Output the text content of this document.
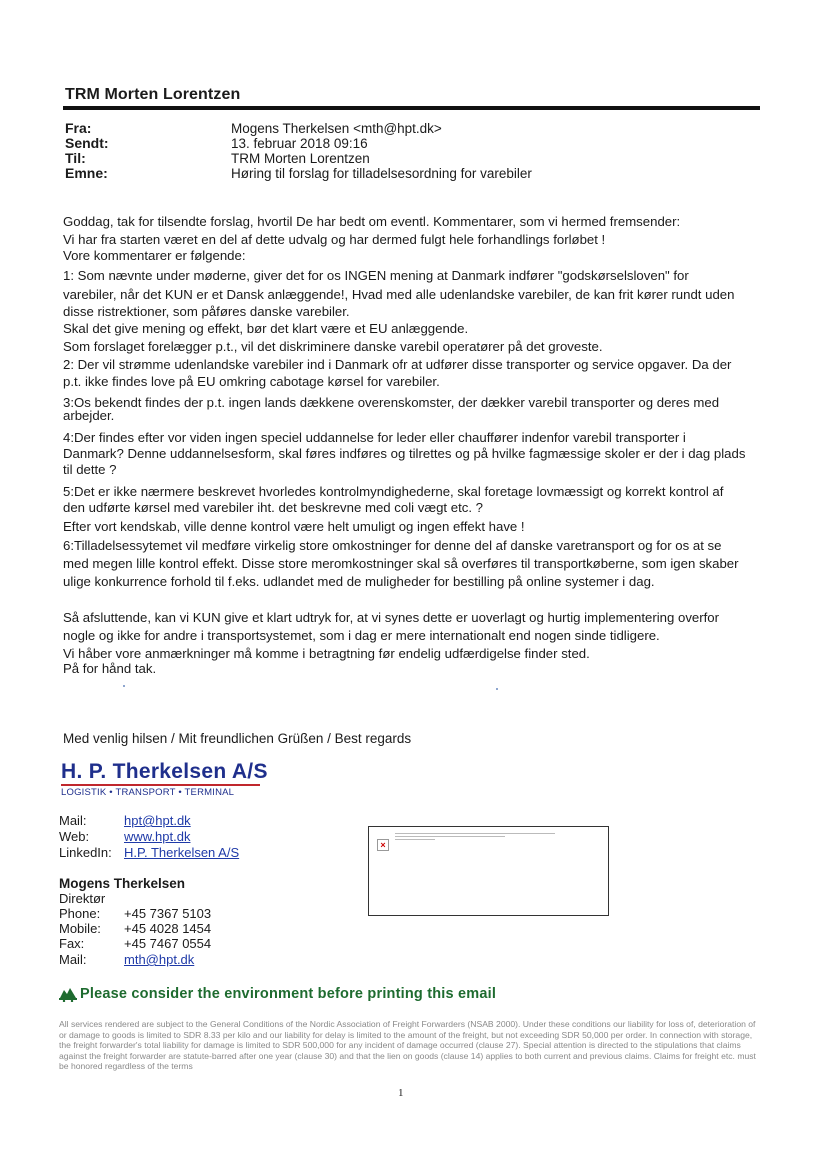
TRM Morten Lorentzen
Fra:	Mogens Therkelsen <mth@hpt.dk>
Sendt:	13. februar 2018 09:16
Til:	TRM Morten Lorentzen
Emne:	Høring til forslag for tilladelsesordning for varebiler
Goddag, tak for tilsendte forslag, hvortil De har bedt om eventl. Kommentarer, som vi hermed fremsender:
Vi har fra starten været en del af dette udvalg og har dermed fulgt hele forhandlings forløbet !
Vore kommentarer er følgende:
1: Som nævnte under møderne, giver det for os INGEN mening at Danmark indfører "godskørselsloven" for
varebiler, når det KUN er et Dansk anlæggende!, Hvad med alle udenlandske varebiler, de kan frit kører rundt uden
disse ristrektioner, som påføres danske varebiler.
Skal det give mening og effekt, bør det klart være et EU anlæggende.
Som forslaget forelægger p.t., vil det diskriminere danske varebil operatører på det groveste.
2: Der vil strømme udenlandske varebiler ind i Danmark ofr at udfører disse transporter og service opgaver. Da der
p.t. ikke findes love på EU omkring cabotage kørsel for varebiler.
3:Os bekendt findes der p.t. ingen lands dækkene overenskomster, der dækker varebil transporter og deres med
arbejder.
4:Der findes efter vor viden ingen speciel uddannelse for leder eller chauffører indenfor varebil transporter i
Danmark? Denne uddannelsesform, skal føres indføres og tilrettes og på hvilke fagmæssige skoler er der i dag plads
til dette ?
5:Det er ikke nærmere beskrevet hvorledes kontrolmyndighederne, skal foretage lovmæssigt og korrekt kontrol af
den udførte kørsel med varebiler iht. det beskrevne med coli vægt etc. ?
Efter vort kendskab, ville denne kontrol være helt umuligt og ingen effekt have !
6:Tilladelsessytemet vil medføre virkelig store omkostninger for denne del af danske varetransport og for os at se
med megen lille kontrol effekt. Disse store meromkostninger skal så overføres til transportkøberne, som igen skaber
ulige konkurrence forhold til f.eks. udlandet med de muligheder for bestilling på online systemer i dag.
Så afsluttende, kan vi KUN give et klart udtryk for, at vi synes dette er uoverlagt og hurtig implementering overfor
nogle og ikke for andre i transportsystemet, som i dag er mere internationalt end nogen sinde tidligere.
Vi håber vore anmærkninger må komme i betragtning før endelig udfærdigelse finder sted.
På for hånd tak.
Med venlig hilsen / Mit freundlichen Grüßen / Best regards
H. P. Therkelsen A/S
LOGISTIK • TRANSPORT • TERMINAL
Mail:	hpt@hpt.dk
Web:	www.hpt.dk
LinkedIn: H.P. Therkelsen A/S	×
Mogens Therkelsen
Direktør
Phone: +45 7367 5103
Mobile: +45 4028 1454
Fax:	+45 7467 0554
Mail:	mth@hpt.dk
Please consider the environment before printing this email
All services rendered are subject to the General Conditions of the Nordic Association of Freight Forwarders (NSAB 2000). Under these conditions our liability for loss of, deterioration of or damage to goods is limited to SDR 8.33 per kilo and our liability for delay is limited to the amount of the freight, but not exceeding SDR 50,000 per order. In connection with storage, the freight forwarder's total liability for damage is limited to SDR 500,000 for any incident of damage occurred (clause 27). Special attention is directed to the stipulations that claims against the freight forwarder are statute-barred after one year (clause 30) and that the lien on goods (clause 14) applies to both current and previous claims. Claims for freight etc. must be honored regardless of the terms
1
